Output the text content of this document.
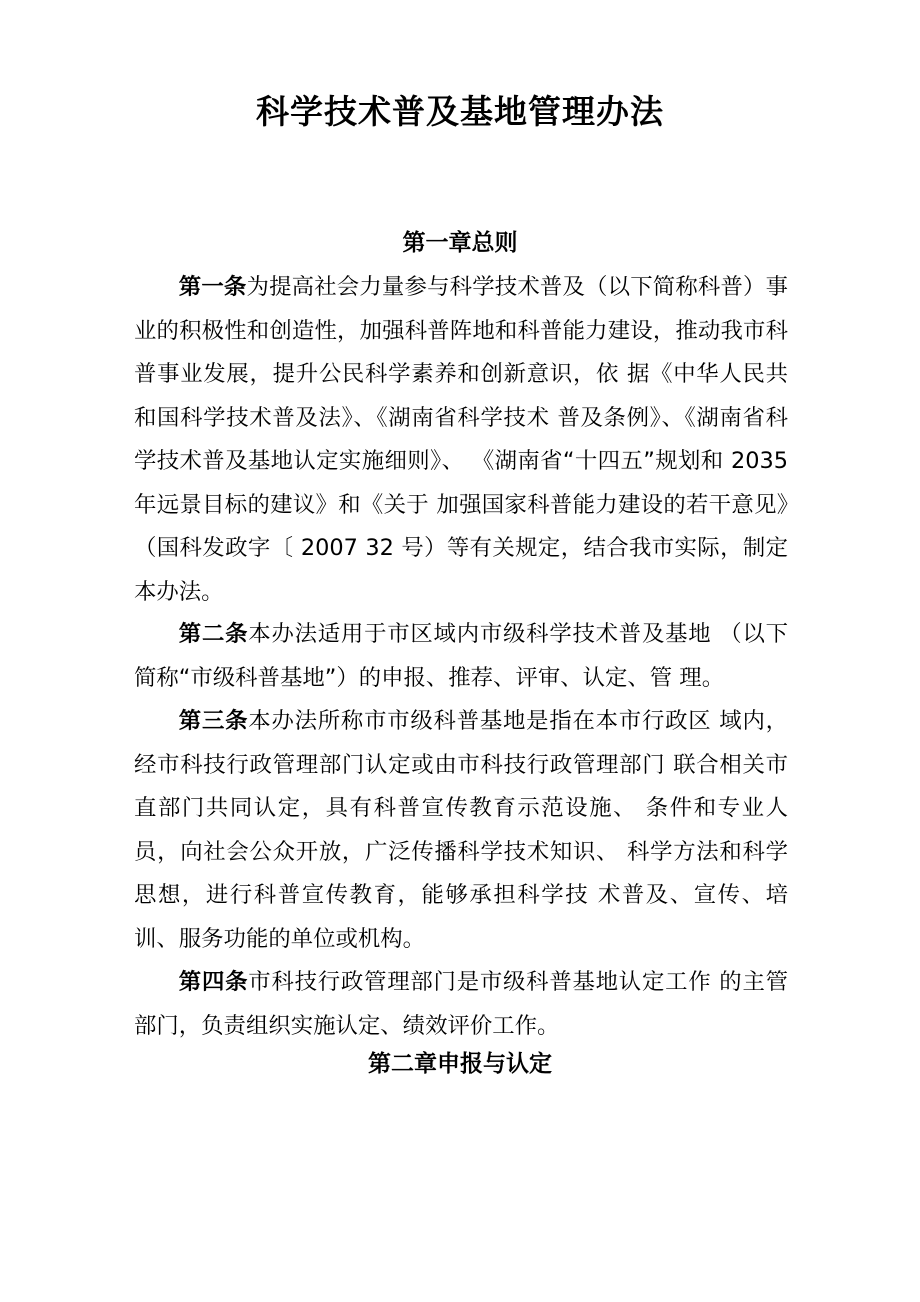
科学技术普及基地管理办法
第一章总则

第一条为提高社会力量参与科学技术普及（以下简称科普）事业的积极性和创造性，加强科普阵地和科普能力建设，推动我市科普事业发展，提升公民科学素养和创新意识，依 据《中华人民共和国科学技术普及法》、《湖南省科学技术 普及条例》、《湖南省科学技术普及基地认定实施细则》、 《湖南省“十四五”规划和 2035年远景目标的建议》和《关于 加强国家科普能力建设的若干意见》（国科发政字〔 2007 32 号）等有关规定，结合我市实际，制定本办法。

第二条本办法适用于市区域内市级科学技术普及基地 （以下简称“市级科普基地”）的申报、推荐、评审、认定、管 理。

第三条本办法所称市市级科普基地是指在本市行政区 域内，经市科技行政管理部门认定或由市科技行政管理部门 联合相关市直部门共同认定，具有科普宣传教育示范设施、 条件和专业人员，向社会公众开放，广泛传播科学技术知识、 科学方法和科学思想，进行科普宣传教育，能够承担科学技 术普及、宣传、培训、服务功能的单位或机构。

第四条市科技行政管理部门是市级科普基地认定工作 的主管部门，负责组织实施认定、绩效评价工作。

第二章申报与认定
